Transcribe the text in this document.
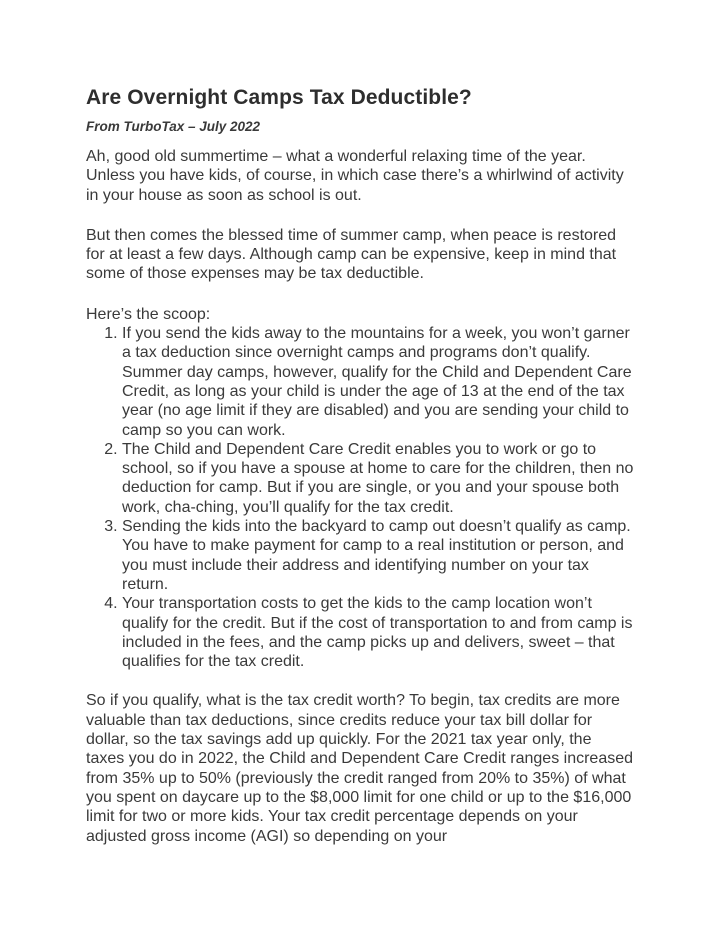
Are Overnight Camps Tax Deductible?

From TurboTax – July 2022

Ah, good old summertime – what a wonderful relaxing time of the year. Unless you have kids, of course, in which case there’s a whirlwind of activity in your house as soon as school is out.

But then comes the blessed time of summer camp, when peace is restored for at least a few days. Although camp can be expensive, keep in mind that some of those expenses may be tax deductible.

Here’s the scoop:

1. If you send the kids away to the mountains for a week, you won’t garner a tax deduction since overnight camps and programs don’t qualify. Summer day camps, however, qualify for the Child and Dependent Care Credit, as long as your child is under the age of 13 at the end of the tax year (no age limit if they are disabled) and you are sending your child to camp so you can work.
2. The Child and Dependent Care Credit enables you to work or go to school, so if you have a spouse at home to care for the children, then no deduction for camp. But if you are single, or you and your spouse both work, cha-ching, you’ll qualify for the tax credit.
3. Sending the kids into the backyard to camp out doesn’t qualify as camp. You have to make payment for camp to a real institution or person, and you must include their address and identifying number on your tax return.
4. Your transportation costs to get the kids to the camp location won’t qualify for the credit. But if the cost of transportation to and from camp is included in the fees, and the camp picks up and delivers, sweet – that qualifies for the tax credit.

So if you qualify, what is the tax credit worth? To begin, tax credits are more valuable than tax deductions, since credits reduce your tax bill dollar for dollar, so the tax savings add up quickly. For the 2021 tax year only, the taxes you do in 2022, the Child and Dependent Care Credit ranges increased from 35% up to 50% (previously the credit ranged from 20% to 35%) of what you spent on daycare up to the $8,000 limit for one child or up to the $16,000 limit for two or more kids. Your tax credit percentage depends on your adjusted gross income (AGI) so depending on your
